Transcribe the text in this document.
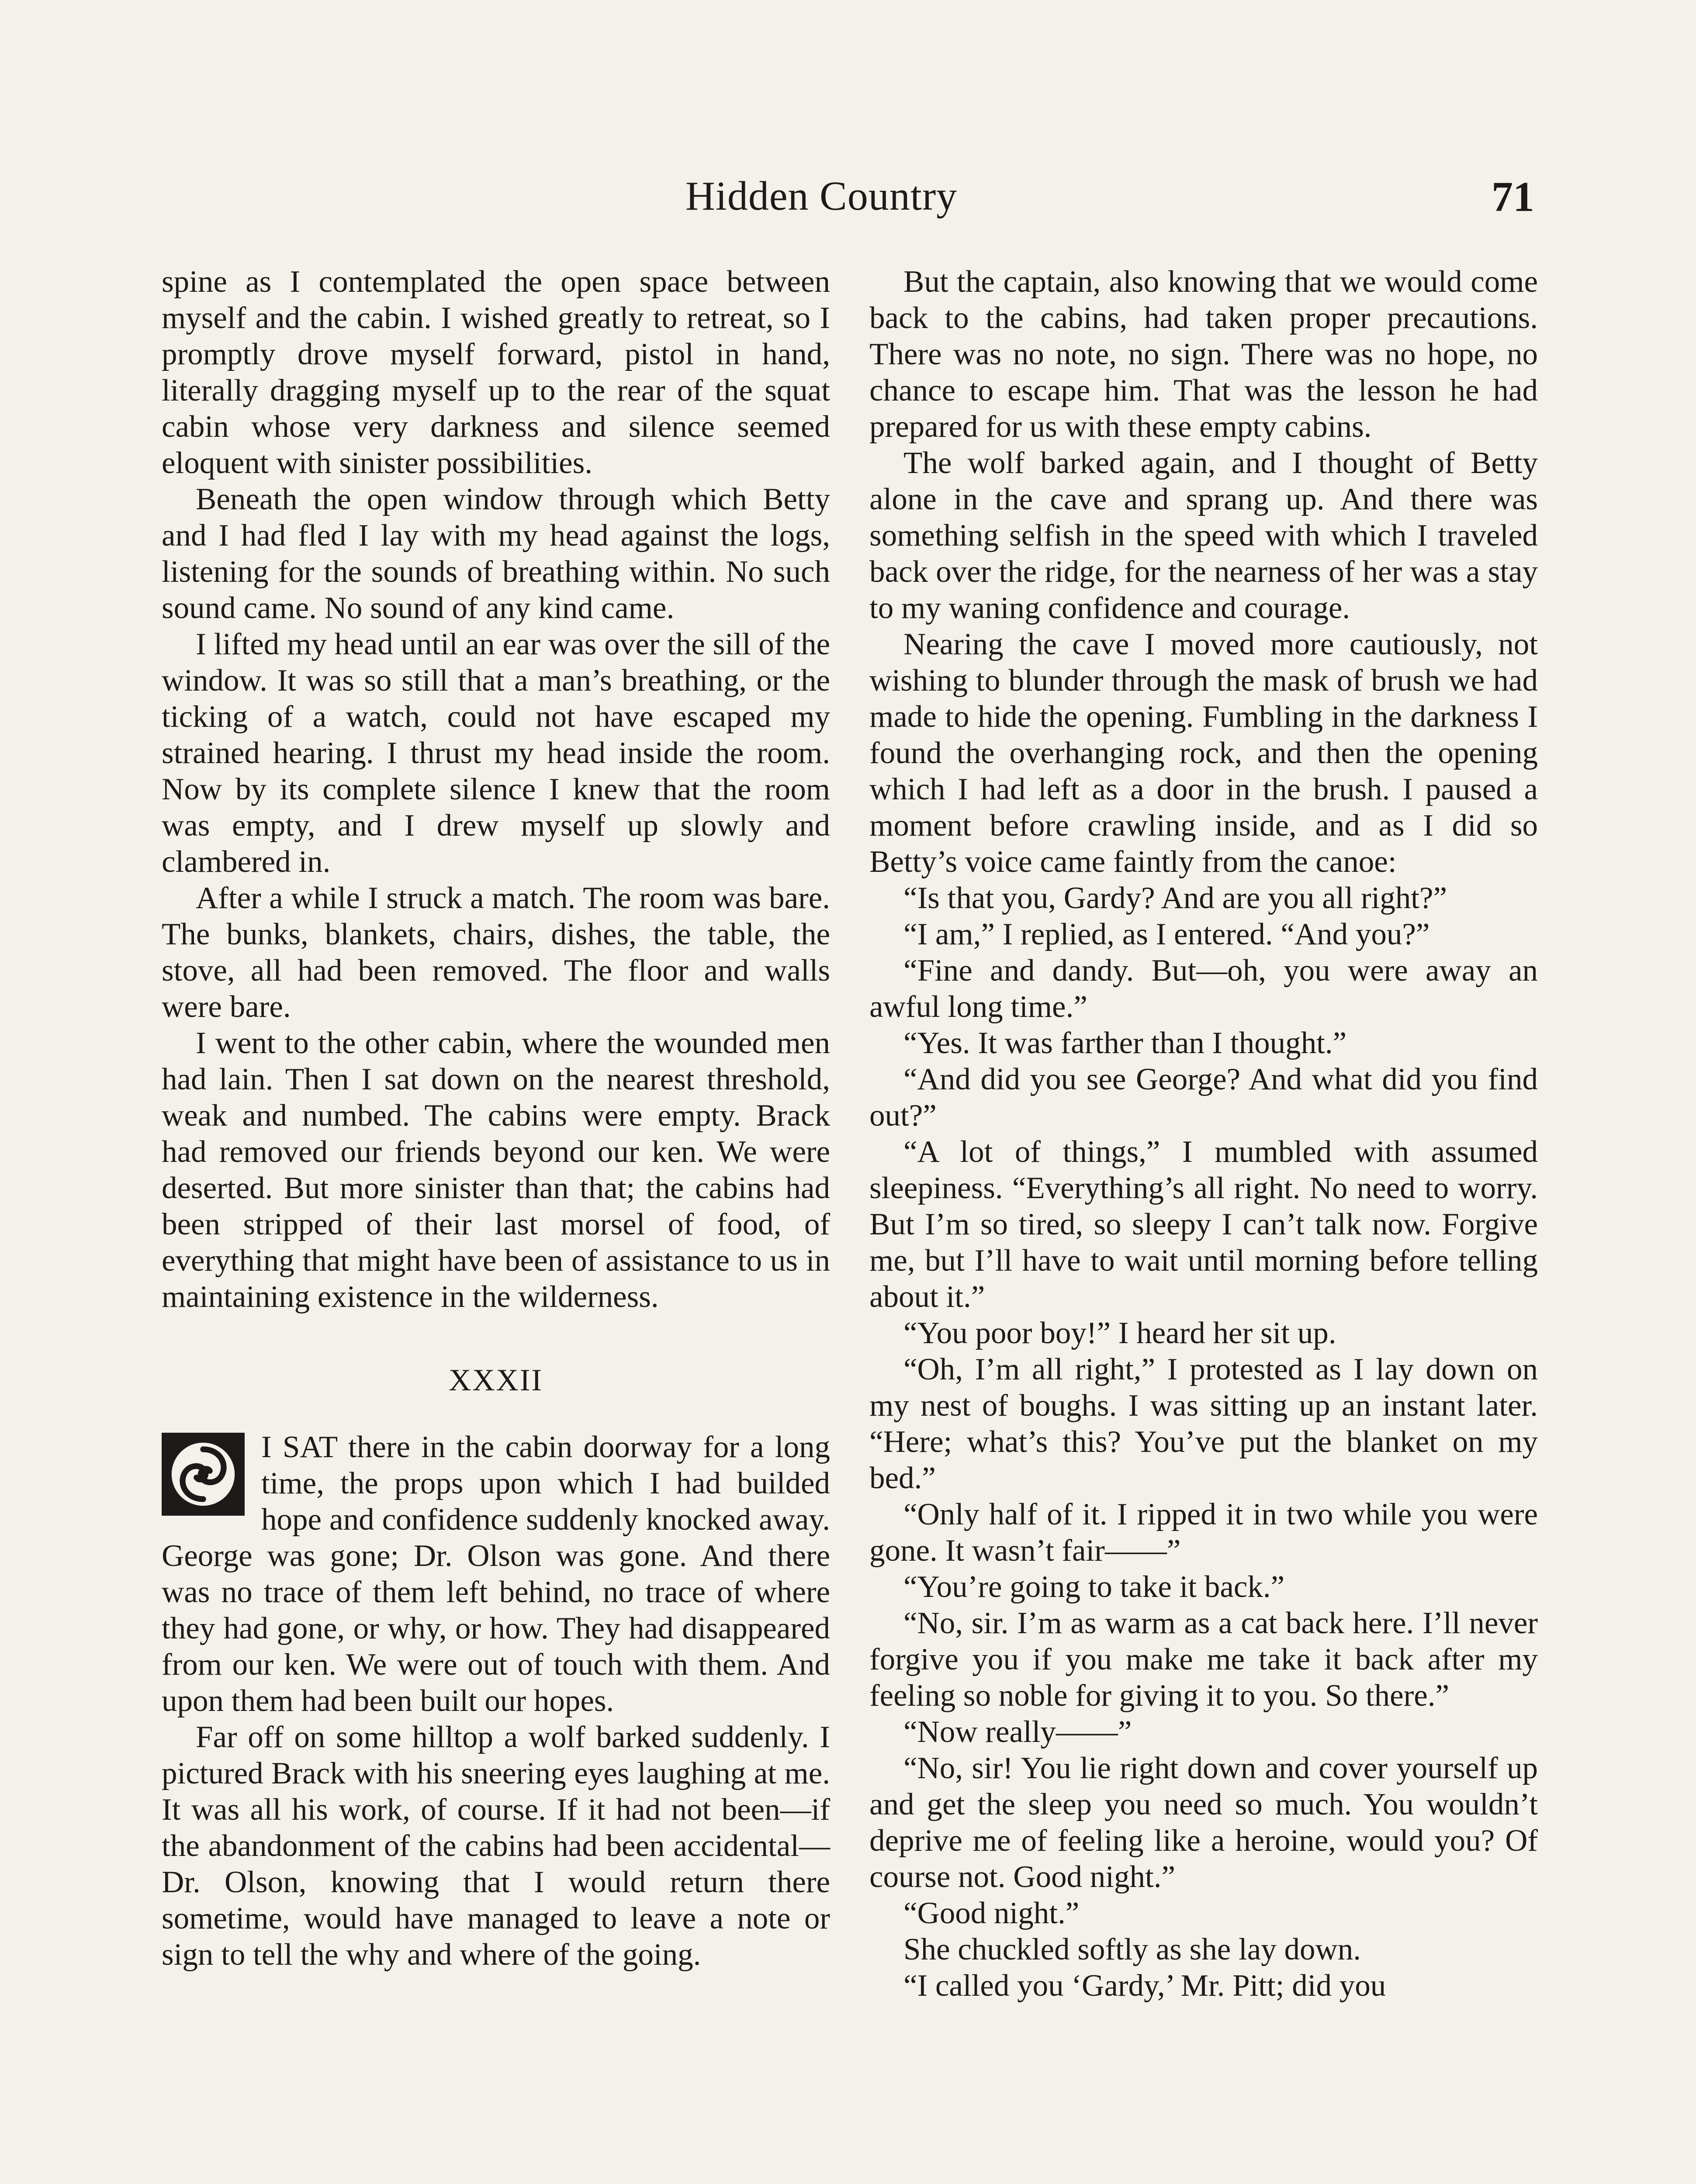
Hidden Country	71

spine as I contemplated the open space between myself and the cabin. I wished greatly to retreat, so I promptly drove myself forward, pistol in hand, literally dragging myself up to the rear of the squat cabin whose very darkness and silence seemed eloquent with sinister possibilities.

Beneath the open window through which Betty and I had fled I lay with my head against the logs, listening for the sounds of breathing within. No such sound came. No sound of any kind came.

I lifted my head until an ear was over the sill of the window. It was so still that a man’s breathing, or the ticking of a watch, could not have escaped my strained hearing. I thrust my head inside the room. Now by its complete silence I knew that the room was empty, and I drew myself up slowly and clambered in.

After a while I struck a match. The room was bare. The bunks, blankets, chairs, dishes, the table, the stove, all had been removed. The floor and walls were bare.

I went to the other cabin, where the wounded men had lain. Then I sat down on the nearest threshold, weak and numbed. The cabins were empty. Brack had removed our friends beyond our ken. We were deserted. But more sinister than that; the cabins had been stripped of their last morsel of food, of everything that might have been of assistance to us in maintaining existence in the wilderness.

XXXII

I SAT there in the cabin doorway for a long time, the props upon which I had builded hope and confidence suddenly knocked away. George was gone; Dr. Olson was gone. And there was no trace of them left behind, no trace of where they had gone, or why, or how. They had disappeared from our ken. We were out of touch with them. And upon them had been built our hopes.

Far off on some hilltop a wolf barked suddenly. I pictured Brack with his sneering eyes laughing at me. It was all his work, of course. If it had not been—if the abandonment of the cabins had been accidental—Dr. Olson, knowing that I would return there sometime, would have managed to leave a note or sign to tell the why and where of the going.

But the captain, also knowing that we would come back to the cabins, had taken proper precautions. There was no note, no sign. There was no hope, no chance to escape him. That was the lesson he had prepared for us with these empty cabins.

The wolf barked again, and I thought of Betty alone in the cave and sprang up. And there was something selfish in the speed with which I traveled back over the ridge, for the nearness of her was a stay to my waning confidence and courage.

Nearing the cave I moved more cautiously, not wishing to blunder through the mask of brush we had made to hide the opening. Fumbling in the darkness I found the overhanging rock, and then the opening which I had left as a door in the brush. I paused a moment before crawling inside, and as I did so Betty’s voice came faintly from the canoe:

“Is that you, Gardy? And are you all right?”

“I am,” I replied, as I entered. “And you?”

“Fine and dandy. But—oh, you were away an awful long time.”

“Yes. It was farther than I thought.”

“And did you see George? And what did you find out?”

“A lot of things,” I mumbled with assumed sleepiness. “Everything’s all right. No need to worry. But I’m so tired, so sleepy I can’t talk now. Forgive me, but I’ll have to wait until morning before telling about it.”

“You poor boy!” I heard her sit up.

“Oh, I’m all right,” I protested as I lay down on my nest of boughs. I was sitting up an instant later. “Here; what’s this? You’ve put the blanket on my bed.”

“Only half of it. I ripped it in two while you were gone. It wasn’t fair——”

“You’re going to take it back.”

“No, sir. I’m as warm as a cat back here. I’ll never forgive you if you make me take it back after my feeling so noble for giving it to you. So there.”

“Now really——”

“No, sir! You lie right down and cover yourself up and get the sleep you need so much. You wouldn’t deprive me of feeling like a heroine, would you? Of course not. Good night.”

“Good night.”

She chuckled softly as she lay down.

“I called you ‘Gardy,’ Mr. Pitt; did you
